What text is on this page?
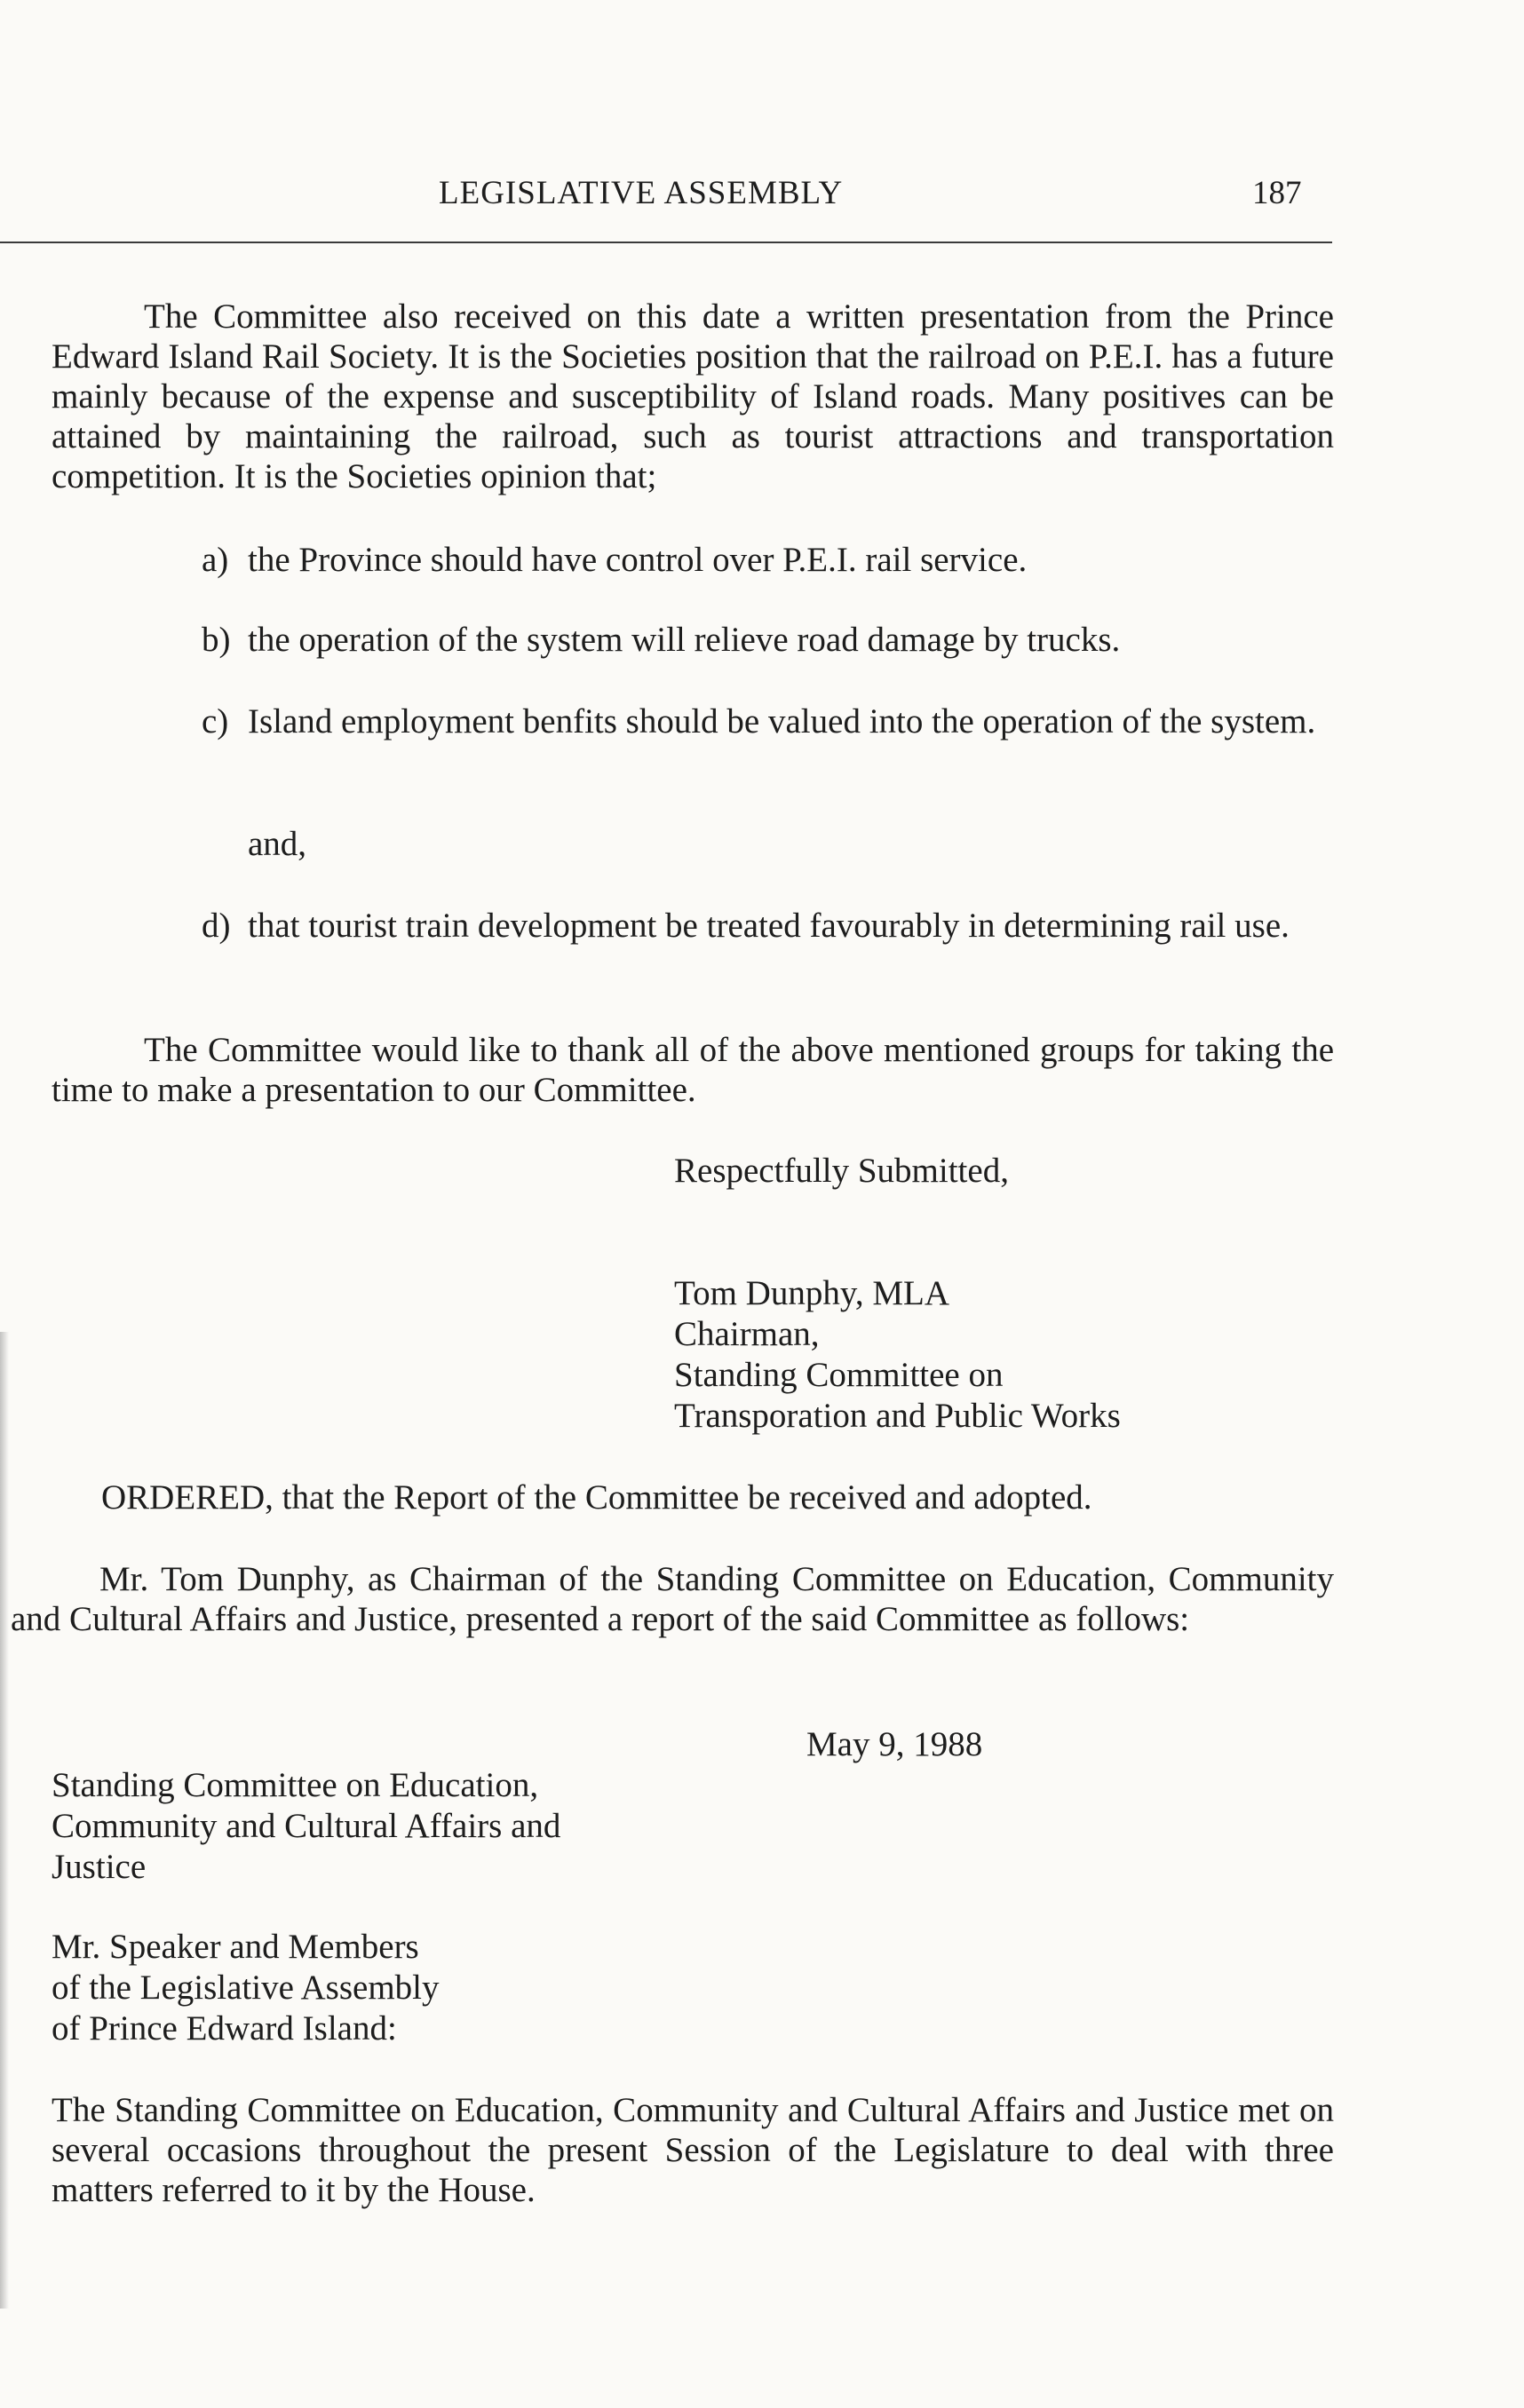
LEGISLATIVE ASSEMBLY	187

The Committee also received on this date a written presentation from the Prince Edward Island Rail Society. It is the Societies position that the railroad on P.E.I. has a future mainly because of the expense and susceptibility of Island roads. Many positives can be attained by maintaining the railroad, such as tourist attractions and transportation competition. It is the Societies opinion that;

a) the Province should have control over P.E.I. rail service.
b) the operation of the system will relieve road damage by trucks.
c) Island employment benfits should be valued into the operation of the system.

and,

d) that tourist train development be treated favourably in determining rail use.

The Committee would like to thank all of the above mentioned groups for taking the time to make a presentation to our Committee.

Respectfully Submitted,

Tom Dunphy, MLA

Chairman,

Standing Committee on

Transporation and Public Works

ORDERED, that the Report of the Committee be received and adopted.

Mr. Tom Dunphy, as Chairman of the Standing Committee on Education, Community and Cultural Affairs and Justice, presented a report of the said Committee as follows:

May 9, 1988

Standing Committee on Education,

Community and Cultural Affairs and

Justice

Mr. Speaker and Members

of the Legislative Assembly

of Prince Edward Island:

The Standing Committee on Education, Community and Cultural Affairs and Justice met on several occasions throughout the present Session of the Legislature to deal with three matters referred to it by the House.
